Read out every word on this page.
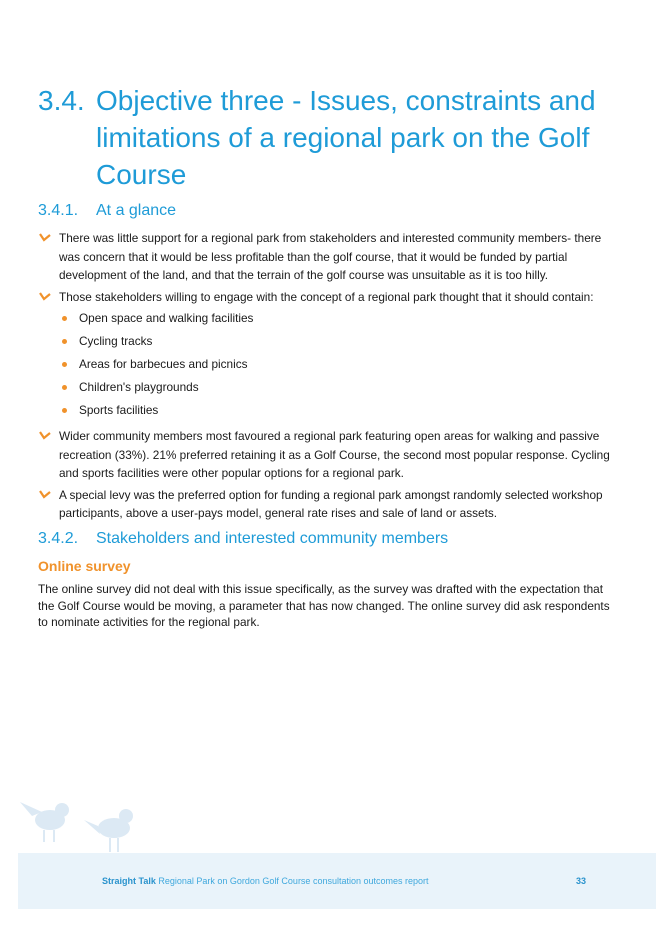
3.4. Objective three - Issues, constraints and limitations of a regional park on the Golf Course
3.4.1. At a glance
There was little support for a regional park from stakeholders and interested community members- there was concern that it would be less profitable than the golf course, that it would be funded by partial development of the land, and that the terrain of the golf course was unsuitable as it is too hilly.
Those stakeholders willing to engage with the concept of a regional park thought that it should contain:
Open space and walking facilities
Cycling tracks
Areas for barbecues and picnics
Children's playgrounds
Sports facilities
Wider community members most favoured a regional park featuring open areas for walking and passive recreation (33%). 21% preferred retaining it as a Golf Course, the second most popular response. Cycling and sports facilities were other popular options for a regional park.
A special levy was the preferred option for funding a regional park amongst randomly selected workshop participants, above a user-pays model, general rate rises and sale of land or assets.
3.4.2. Stakeholders and interested community members
Online survey

The online survey did not deal with this issue specifically, as the survey was drafted with the expectation that the Golf Course would be moving, a parameter that has now changed. The online survey did ask respondents to nominate activities for the regional park.

Straight Talk Regional Park on Gordon Golf Course consultation outcomes report	33
